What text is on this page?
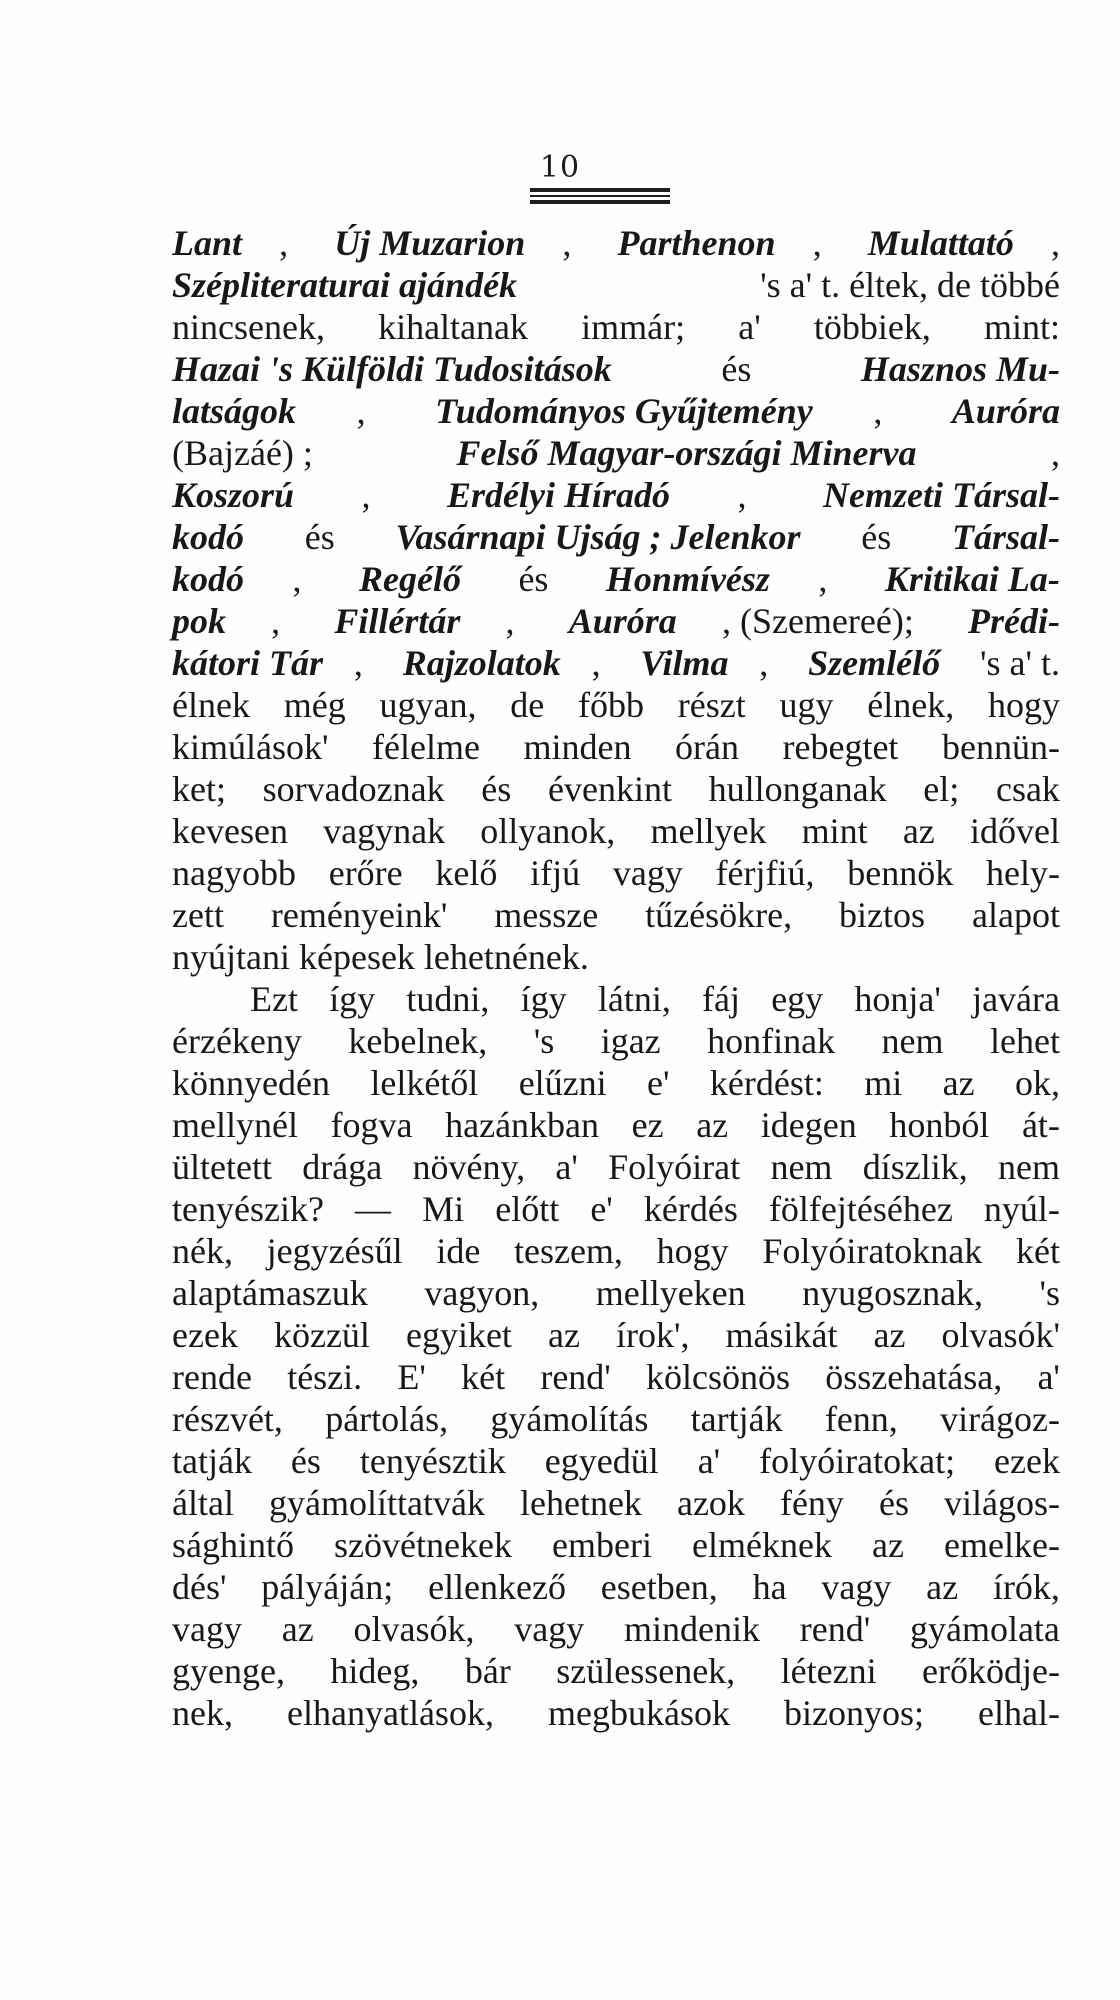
10
Lant , Új Muzarion , Parthenon , Mulattató ,
Szépliteraturai ajándék	's a' t. éltek, de többé
nincsenek, kihaltanak immár; a' többiek, mint:
Hazai 's Külföldi Tudositások	és	Hasznos Mu-
latságok , Tudományos Gyűjtemény , Auróra
(Bajzáé) ;	Felső Magyar-országi Minerva	,
Koszorú , Erdélyi Híradó , Nemzeti Társal-
kodó és Vasárnapi Ujság ; Jelenkor és Társal-
kodó , Regélő és Honmívész , Kritikai La-
pok , Fillértár , Auróra , (Szemereé); Prédi-
kátori Tár , Rajzolatok , Vilma , Szemlélő 's a' t.
élnek még ugyan, de főbb részt ugy élnek, hogy
kimúlások' félelme minden órán rebegtet bennün-
ket; sorvadoznak és évenkint hullonganak el; csak
kevesen vagynak ollyanok, mellyek mint az idővel
nagyobb erőre kelő ifjú vagy férjfiú, bennök hely-
zett reményeink' messze tűzésökre, biztos alapot
nyújtani képesek lehetnének.
Ezt így tudni, így látni, fáj egy honja' javára
érzékeny kebelnek, 's igaz honfinak nem lehet
könnyedén lelkétől elűzni e' kérdést: mi az ok,
mellynél fogva hazánkban ez az idegen honból át-
ültetett drága növény, a' Folyóirat nem díszlik, nem
tenyészik? — Mi előtt e' kérdés fölfejtéséhez nyúl-
nék, jegyzésűl ide teszem, hogy Folyóiratoknak két
alaptámaszuk vagyon, mellyeken nyugosznak, 's
ezek közzül egyiket az írok', másikát az olvasók'
rende tészi. E' két rend' kölcsönös összehatása, a'
részvét, pártolás, gyámolítás tartják fenn, virágoz-
tatják és tenyésztik egyedül a' folyóiratokat; ezek
által gyámolíttatvák lehetnek azok fény és világos-
sághintő szövétnekek emberi elméknek az emelke-
dés' pályáján; ellenkező esetben, ha vagy az írók,
vagy az olvasók, vagy mindenik rend' gyámolata
gyenge, hideg, bár szülessenek, létezni erőködje-
nek, elhanyatlások, megbukások bizonyos; elhal-
